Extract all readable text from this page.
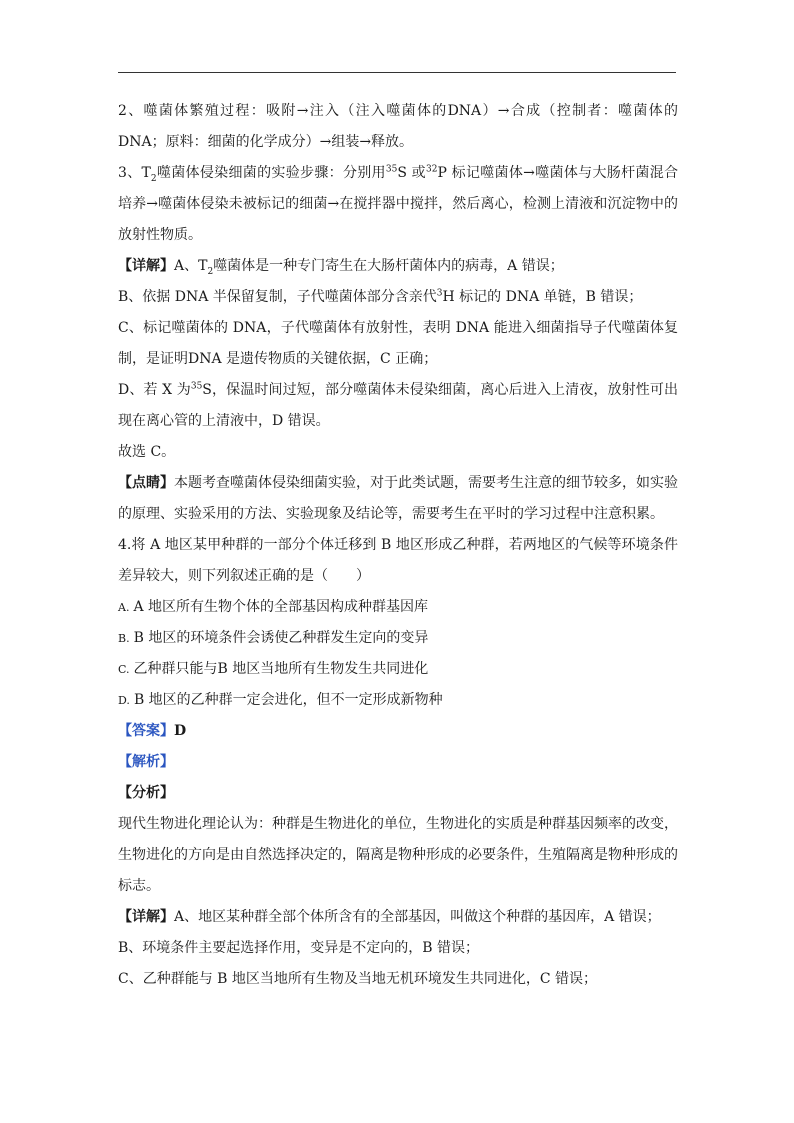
2、噬菌体繁殖过程：吸附→注入（注入噬菌体的DNA）→合成（控制者：噬菌体的DNA；原料：细菌的化学成分）→组装→释放。

3、$T_2$噬菌体侵染细菌的实验步骤：分别用$^{35}$S 或$^{32}$P 标记噬菌体→噬菌体与大肠杆菌混合培养→噬菌体侵染未被标记的细菌→在搅拌器中搅拌，然后离心，检测上清液和沉淀物中的放射性物质。

【详解】A、$T_2$噬菌体是一种专门寄生在大肠杆菌体内的病毒，A 错误；

B、依据 DNA 半保留复制，子代噬菌体部分含亲代$^3$H 标记的 DNA 单链，B 错误；

C、标记噬菌体的 DNA，子代噬菌体有放射性，表明 DNA 能进入细菌指导子代噬菌体复制，是证明DNA 是遗传物质的关键依据，C 正确；

D、若 X 为$^{35}$S，保温时间过短，部分噬菌体未侵染细菌，离心后进入上清夜，放射性可出现在离心管的上清液中，D 错误。

故选 C。

【点睛】本题考查噬菌体侵染细菌实验，对于此类试题，需要考生注意的细节较多，如实验的原理、实验采用的方法、实验现象及结论等，需要考生在平时的学习过程中注意积累。

4.将 A 地区某甲种群的一部分个体迁移到 B 地区形成乙种群，若两地区的气候等环境条件差异较大，则下列叙述正确的是（　　）

A. A 地区所有生物个体的全部基因构成种群基因库

B. B 地区的环境条件会诱使乙种群发生定向的变异

C. 乙种群只能与B 地区当地所有生物发生共同进化

D. B 地区的乙种群一定会进化，但不一定形成新物种

【答案】D

【解析】

【分析】

现代生物进化理论认为：种群是生物进化的单位，生物进化的实质是种群基因频率的改变，生物进化的方向是由自然选择决定的，隔离是物种形成的必要条件，生殖隔离是物种形成的标志。

【详解】A、地区某种群全部个体所含有的全部基因，叫做这个种群的基因库，A 错误；

B、环境条件主要起选择作用，变异是不定向的，B 错误；

C、乙种群能与 B 地区当地所有生物及当地无机环境发生共同进化，C 错误；
